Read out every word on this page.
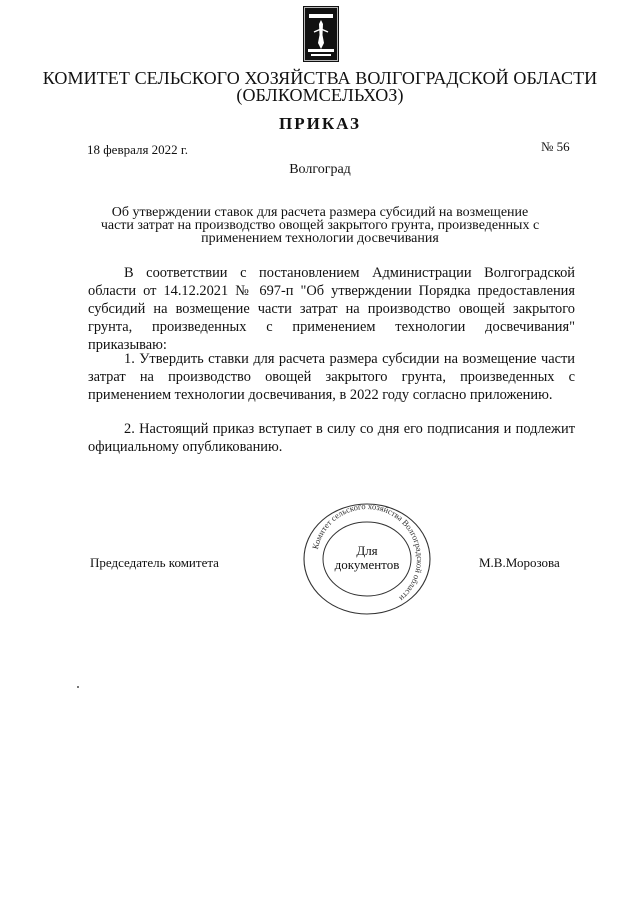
КОМИТЕТ СЕЛЬСКОГО ХОЗЯЙСТВА ВОЛГОГРАДСКОЙ ОБЛАСТИ
(ОБЛКОМСЕЛЬХОЗ)
ПРИКАЗ
18 февраля 2022 г.	№ 56
Волгоград
Об утверждении ставок для расчета размера субсидий на возмещение
части затрат на производство овощей закрытого грунта, произведенных с
применением технологии досвечивания

В соответствии с постановлением Администрации Волгоградской области от 14.12.2021 № 697-п "Об утверждении Порядка предоставления субсидий на возмещение части затрат на производство овощей закрытого грунта, произведенных с применением технологии досвечивания" приказываю:

1. Утвердить ставки для расчета размера субсидии на возмещение части затрат на производство овощей закрытого грунта, произведенных с применением технологии досвечивания, в 2022 году согласно приложению.

2. Настоящий приказ вступает в силу со дня его подписания и подлежит официальному опубликованию.

Председатель комитета	М.В.Морозова
Комитет сельского хозяйства Волгоградской области
Для
документов
